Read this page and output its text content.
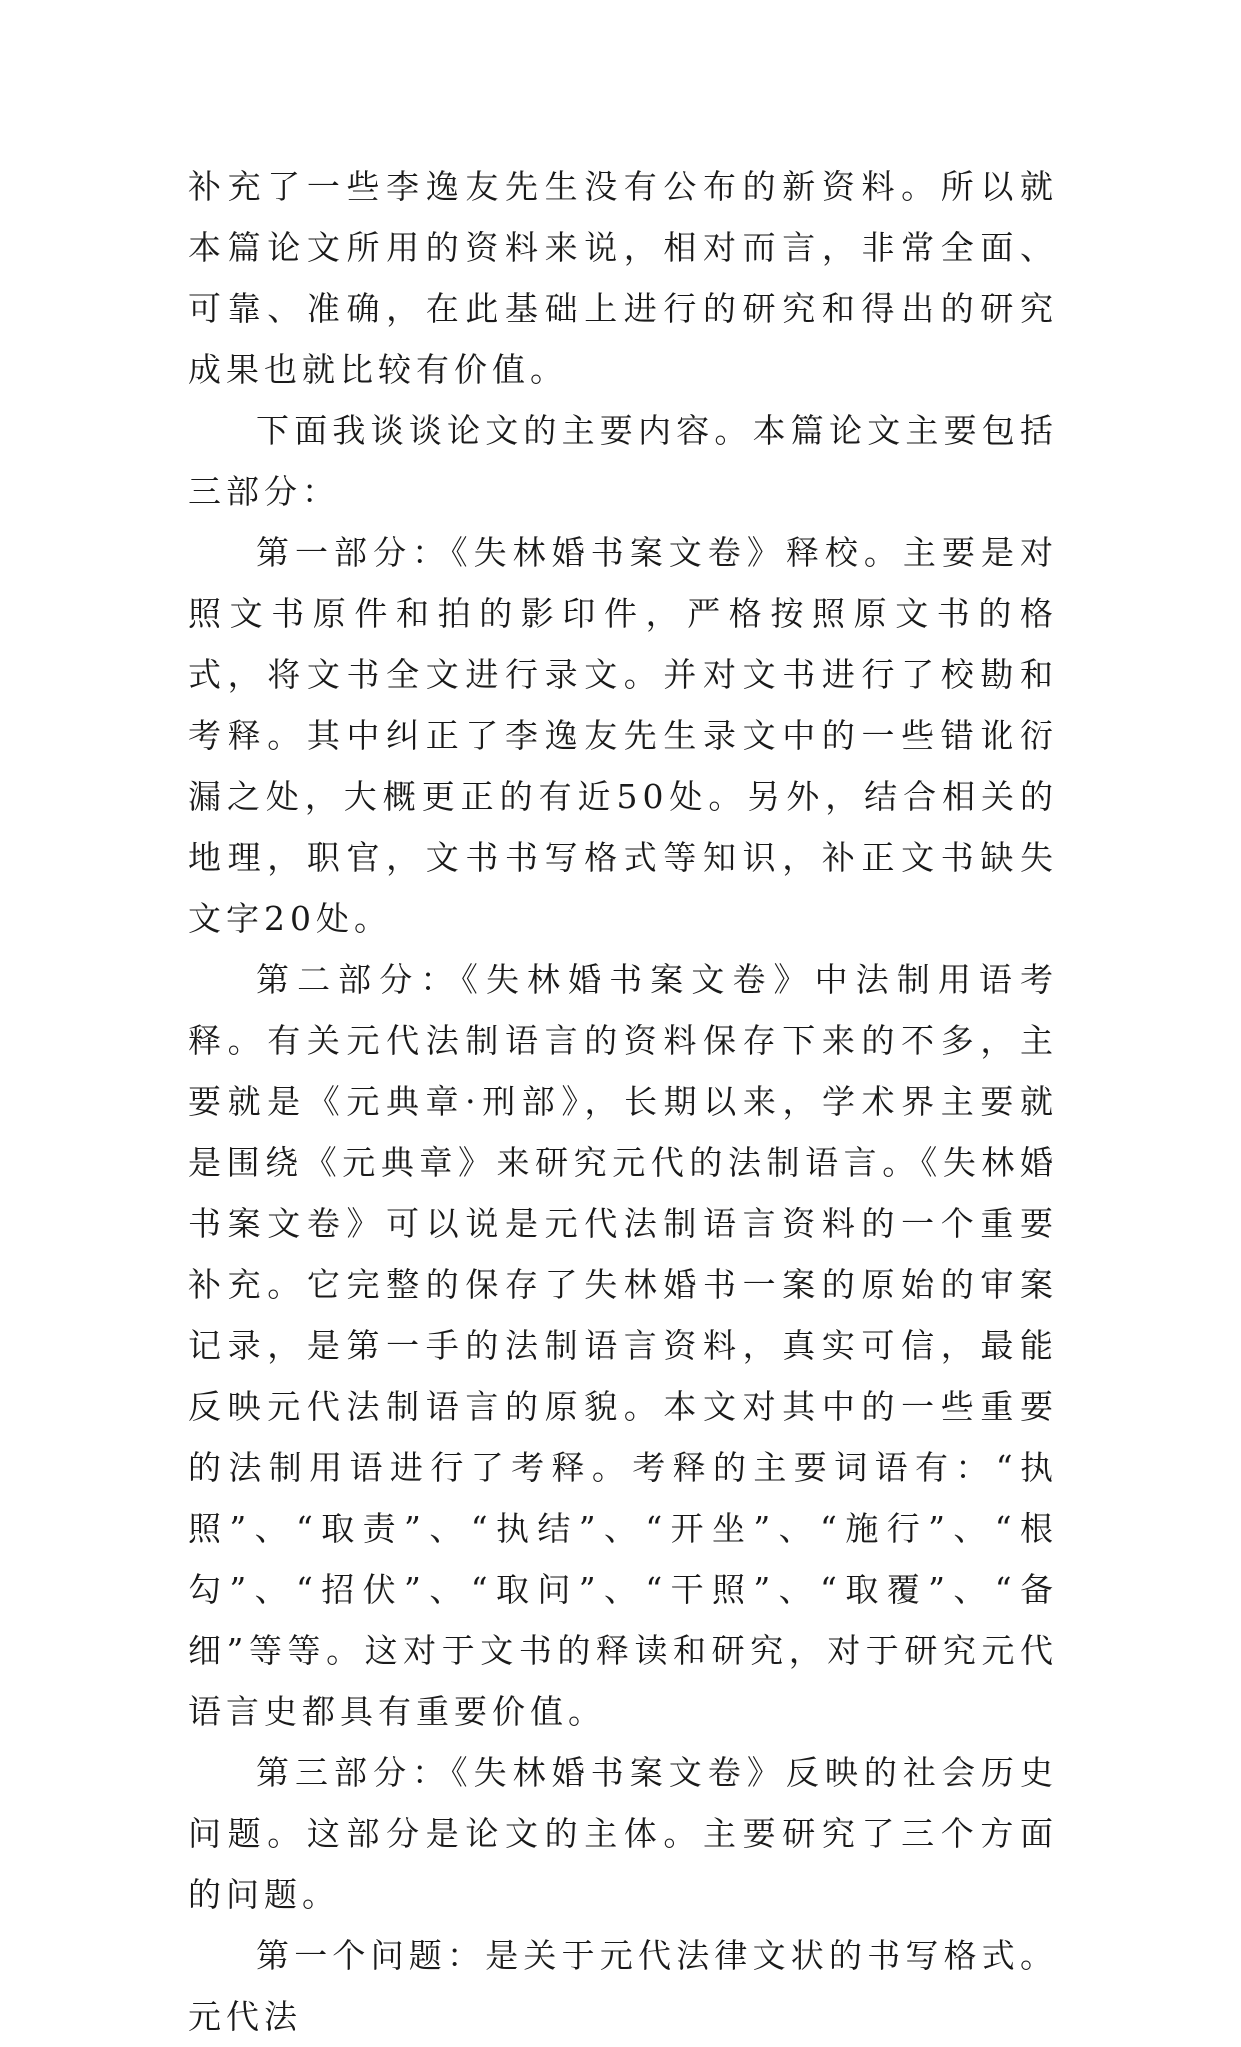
补充了一些李逸友先生没有公布的新资料。所以就本篇论文所用的资料来说，相对而言，非常全面、可靠、准确，在此基础上进行的研究和得出的研究成果也就比较有价值。

下面我谈谈论文的主要内容。本篇论文主要包括三部分：

第一部分：《失林婚书案文卷》释校。主要是对照文书原件和拍的影印件，严格按照原文书的格式，将文书全文进行录文。并对文书进行了校勘和考释。其中纠正了李逸友先生录文中的一些错讹衍漏之处，大概更正的有近50处。另外，结合相关的地理，职官，文书书写格式等知识，补正文书缺失文字20处。

第二部分：《失林婚书案文卷》中法制用语考释。有关元代法制语言的资料保存下来的不多，主要就是《元典章·刑部》，长期以来，学术界主要就是围绕《元典章》来研究元代的法制语言。《失林婚书案文卷》可以说是元代法制语言资料的一个重要补充。它完整的保存了失林婚书一案的原始的审案记录，是第一手的法制语言资料，真实可信，最能反映元代法制语言的原貌。本文对其中的一些重要的法制用语进行了考释。考释的主要词语有：“执照”、“取责”、“执结”、“开坐”、“施行”、“根勾”、“招伏”、“取问”、“干照”、“取覆”、“备细”等等。这对于文书的释读和研究，对于研究元代语言史都具有重要价值。

第三部分：《失林婚书案文卷》反映的社会历史问题。这部分是论文的主体。主要研究了三个方面的问题。

第一个问题：是关于元代法律文状的书写格式。元代法
